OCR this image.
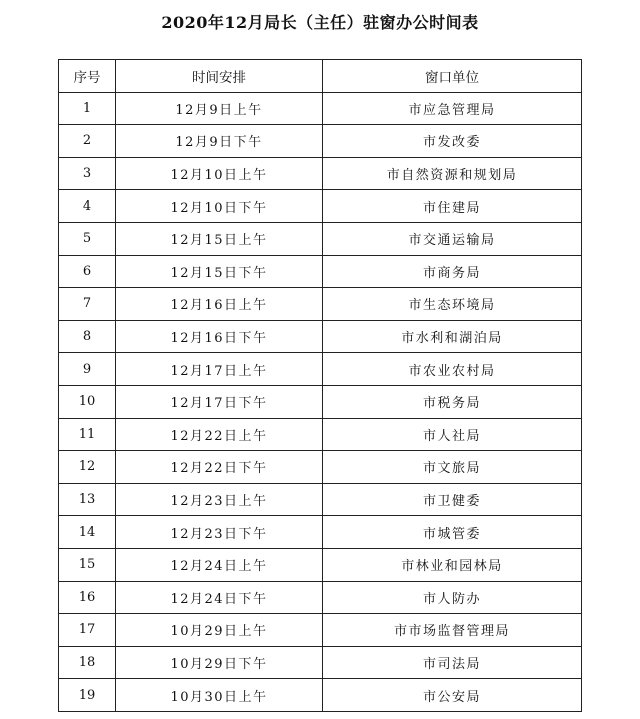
2020年12月局长（主任）驻窗办公时间表
序号	时间安排	窗口单位
1	12月9日上午	市应急管理局
2	12月9日下午	市发改委
3	12月10日上午	市自然资源和规划局
4	12月10日下午	市住建局
5	12月15日上午	市交通运输局
6	12月15日下午	市商务局
7	12月16日上午	市生态环境局
8	12月16日下午	市水利和湖泊局
9	12月17日上午	市农业农村局
10	12月17日下午	市税务局
11	12月22日上午	市人社局
12	12月22日下午	市文旅局
13	12月23日上午	市卫健委
14	12月23日下午	市城管委
15	12月24日上午	市林业和园林局
16	12月24日下午	市人防办
17	10月29日上午	市市场监督管理局
18	10月29日下午	市司法局
19	10月30日上午	市公安局
